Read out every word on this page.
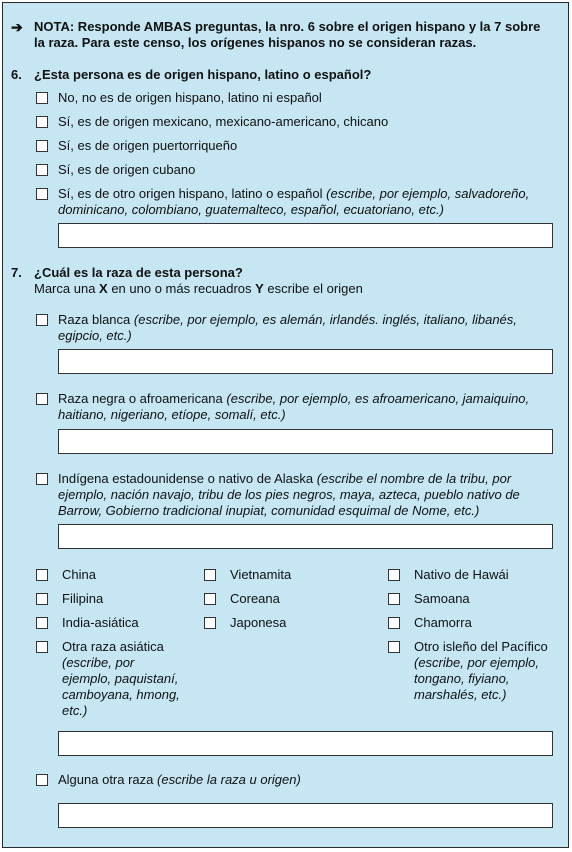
➔ NOTA: Responde AMBAS preguntas, la nro. 6 sobre el origen hispano y la 7 sobre
la raza. Para este censo, los orígenes hispanos no se consideran razas.
6. ¿Esta persona es de origen hispano, latino o español?
No, no es de origen hispano, latino ni español
Sí, es de origen mexicano, mexicano-americano, chicano
Sí, es de origen puertorriqueño
Sí, es de origen cubano
Sí, es de otro origen hispano, latino o español (escribe, por ejemplo, salvadoreño,
dominicano, colombiano, guatemalteco, español, ecuatoriano, etc.)
7. ¿Cuál es la raza de esta persona?
Marca una X en uno o más recuadros Y escribe el origen
Raza blanca (escribe, por ejemplo, es alemán, irlandés. inglés, italiano, libanés,
egipcio, etc.)
Raza negra o afroamericana (escribe, por ejemplo, es afroamericano, jamaiquino,
haitiano, nigeriano, etíope, somalí, etc.)
Indígena estadounidense o nativo de Alaska (escribe el nombre de la tribu, por
ejemplo, nación navajo, tribu de los pies negros, maya, azteca, pueblo nativo de
Barrow, Gobierno tradicional inupiat, comunidad esquimal de Nome, etc.)
China
Filipina
India-asiática
Vietnamita
Coreana
Japonesa
Nativo de Hawái
Samoana
Chamorra
Otra raza asiática
(escribe, por
ejemplo, paquistaní,
camboyana, hmong,
etc.)
Otro isleño del Pacífico
(escribe, por ejemplo,
tongano, fiyiano,
marshalés, etc.)
Alguna otra raza (escribe la raza u origen)
